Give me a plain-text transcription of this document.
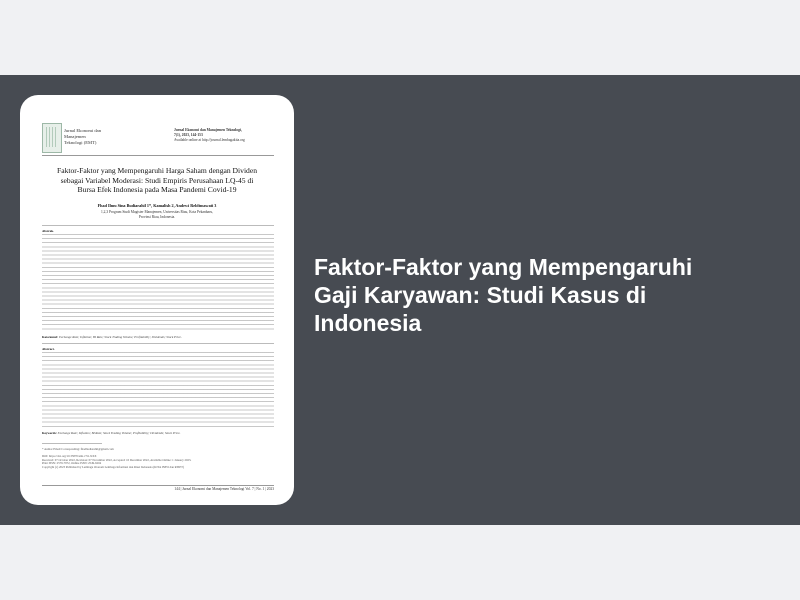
Jurnal Ekonomi dan
Manajemen
Teknologi (EMT)
Jurnal Ekonomi dan Manajemen Teknologi,
7(1), 2023, 144-153
Available online at http://journal.lembagakita.org
Faktor-Faktor yang Mempengaruhi Harga Saham dengan Dividen
sebagai Variabel Moderasi: Studi Empiris Perusahaan LQ-45 di
Bursa Efek Indonesia pada Masa Pandemi Covid-19
Fhad Ilmu Sina Budiarahil 1*, Kamalish 2, Andewi Reldtmawati 3
1,2,3 Program Studi Magister Manajemen, Universitas Riau, Kota Pekanbaru,
Provinsi Riau, Indonesia.
Abstrak.
Kata kunci: Exchange Rate; Inflation; BI Rate; Stock Trading Volume; Profitability; Dividends; Stock Price.
Abstract.
Keywords: Exchange Rate; Inflation; BI Rate; Stock Trading Volume; Profitability; Dividends; Stock Price.
* Author Email Corresponding: fhadbudiarahil@gmail.com
DOI: https://doi.org/10.35870/emt.v7i1.XXX
Received: 07 October 2022, Revision: 07 November 2022, Accepted: 10 December 2022, Available Online: 1 January 2023.
Print ISSN: 2579-7972, Online ISSN: 2549-6204
Copyright (c) 2023 Published by Lembaga Otonom Lembaga Informasi dan Riset Indonesia (KITA INFO dan RISET)
144 | Jurnal Ekonomi dan Manajemen Teknologi Vol. 7 | No. 1 | 2023
Faktor-Faktor yang Mempengaruhi
Gaji Karyawan: Studi Kasus di
Indonesia
